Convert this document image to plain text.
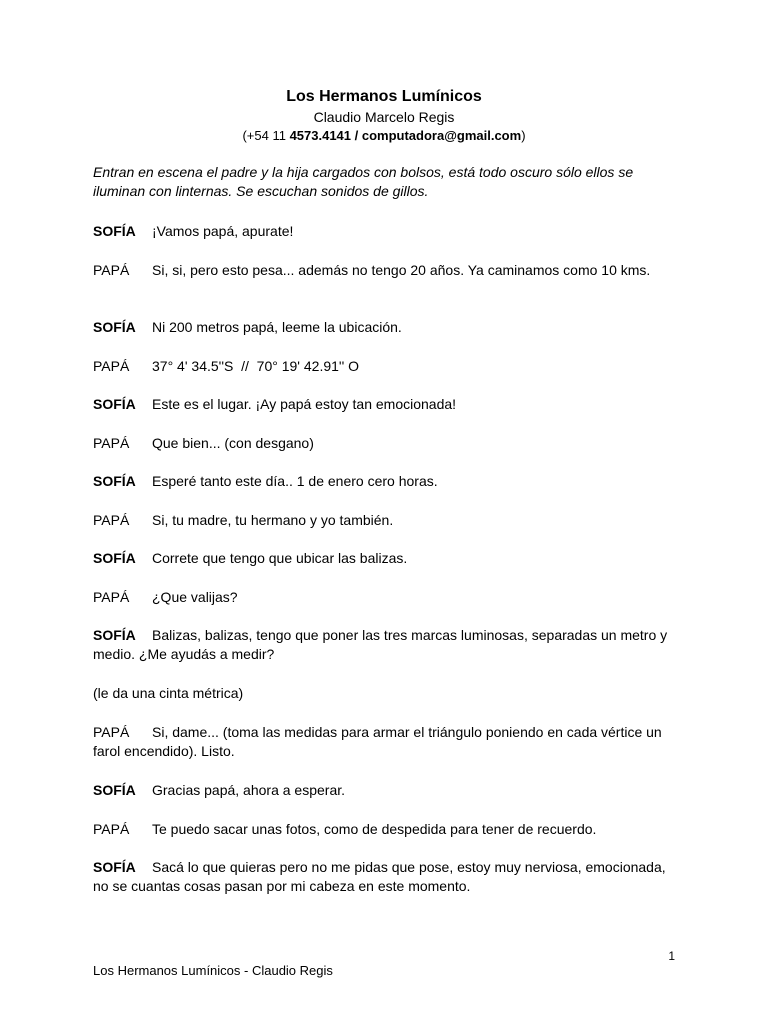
Los Hermanos Lumínicos
Claudio Marcelo Regis
(+54 11 4573.4141 / computadora@gmail.com)

Entran en escena el padre y la hija cargados con bolsos, está todo oscuro sólo ellos se iluminan con linternas. Se escuchan sonidos de gillos.

SOFÍA ¡Vamos papá, apurate!

PAPÁ Si, si, pero esto pesa... además no tengo 20 años. Ya caminamos como 10 kms.

SOFÍA Ni 200 metros papá, leeme la ubicación.

PAPÁ 37° 4' 34.5''S  //  70° 19' 42.91'' O

SOFÍA Este es el lugar. ¡Ay papá estoy tan emocionada!

PAPÁ Que bien... (con desgano)

SOFÍA Esperé tanto este día.. 1 de enero cero horas.

PAPÁ Si, tu madre, tu hermano y yo también.

SOFÍA Correte que tengo que ubicar las balizas.

PAPÁ ¿Que valijas?

SOFÍA Balizas, balizas, tengo que poner las tres marcas luminosas, separadas un metro y medio. ¿Me ayudás a medir?

(le da una cinta métrica)

PAPÁ Si, dame... (toma las medidas para armar el triángulo poniendo en cada vértice un farol encendido). Listo.

SOFÍA Gracias papá, ahora a esperar.

PAPÁ Te puedo sacar unas fotos, como de despedida para tener de recuerdo.

SOFÍA Sacá lo que quieras pero no me pidas que pose, estoy muy nerviosa, emocionada, no se cuantas cosas pasan por mi cabeza en este momento.

1
Los Hermanos Lumínicos - Claudio Regis
